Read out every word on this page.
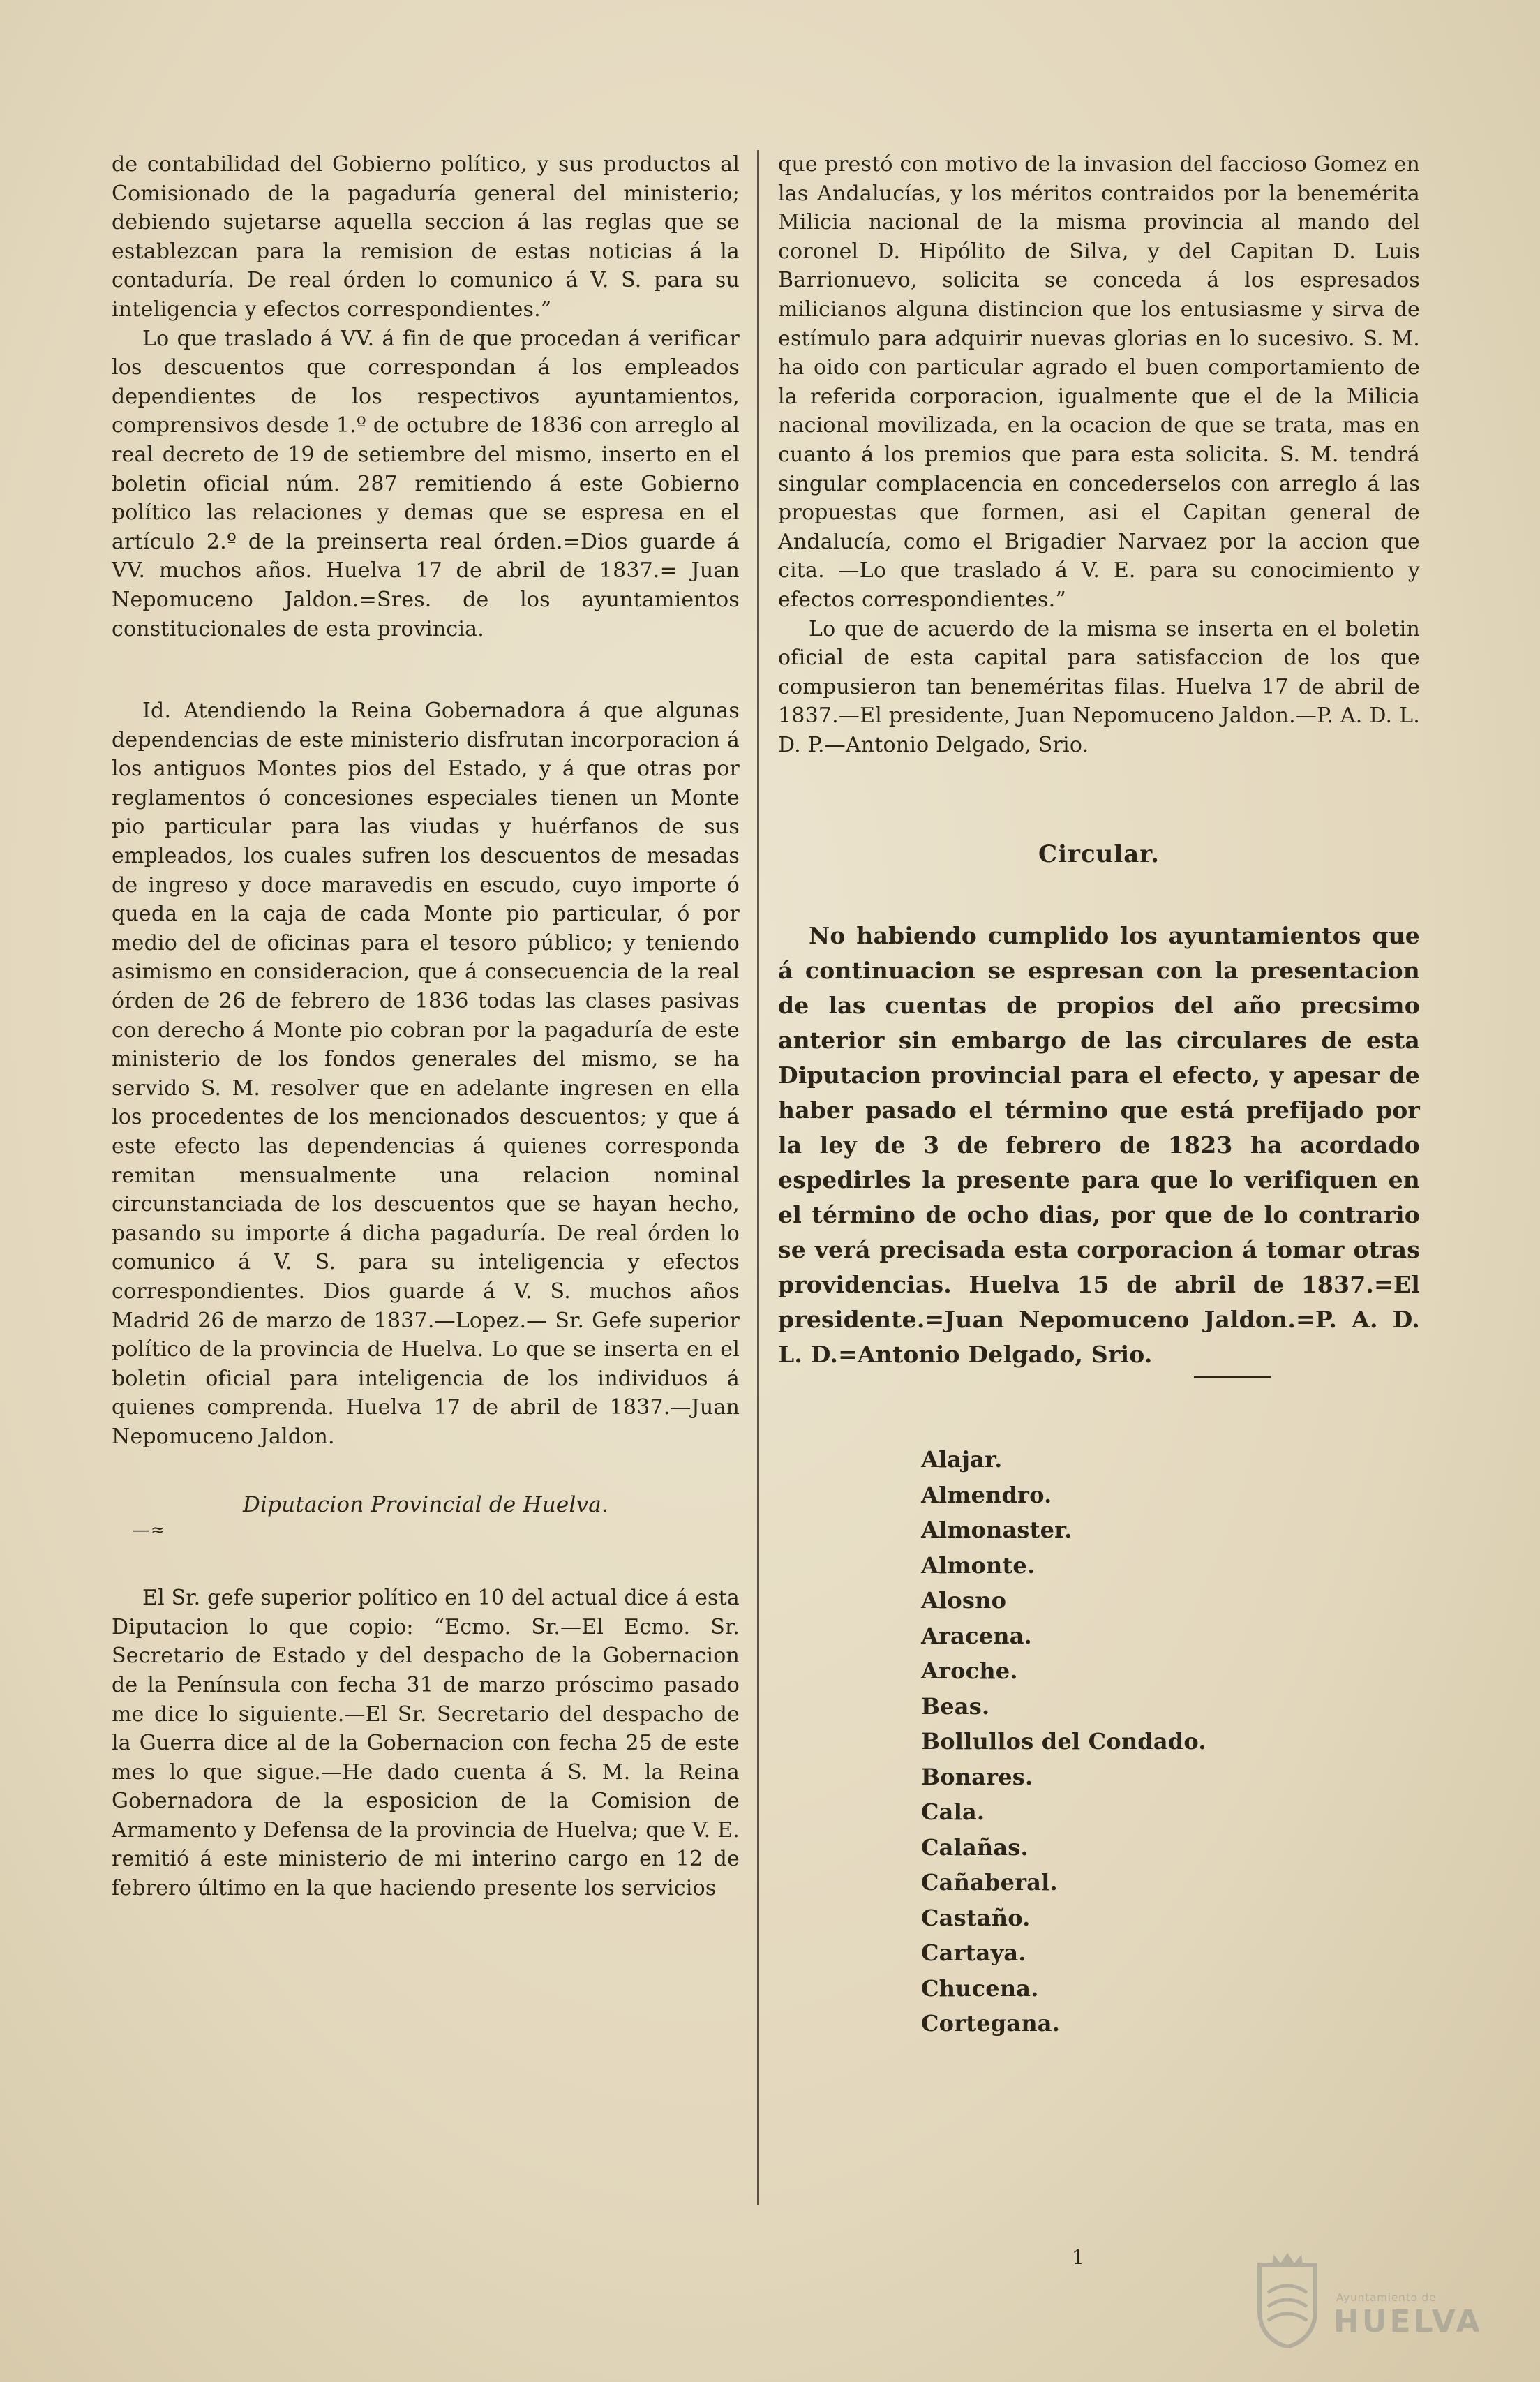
de contabilidad del Gobierno político, y sus productos al Comisionado de la pagaduría general del ministerio; debiendo sujetarse aquella seccion á las reglas que se establezcan para la remision de estas noticias á la contaduría. De real órden lo comunico á V. S. para su inteligencia y efectos correspondientes.”

Lo que traslado á VV. á fin de que procedan á verificar los descuentos que correspondan á los empleados dependientes de los respectivos ayuntamientos, comprensivos desde 1.º de octubre de 1836 con arreglo al real decreto de 19 de setiembre del mismo, inserto en el boletin oficial núm. 287 remitiendo á este Gobierno político las relaciones y demas que se espresa en el artículo 2.º de la preinserta real órden.=Dios guarde á VV. muchos años. Huelva 17 de abril de 1837.= Juan Nepomuceno Jaldon.=Sres. de los ayuntamientos constitucionales de esta provincia.

Id. Atendiendo la Reina Gobernadora á que algunas dependencias de este ministerio disfrutan incorporacion á los antiguos Montes pios del Estado, y á que otras por reglamentos ó concesiones especiales tienen un Monte pio particular para las viudas y huérfanos de sus empleados, los cuales sufren los descuentos de mesadas de ingreso y doce maravedis en escudo, cuyo importe ó queda en la caja de cada Monte pio particular, ó por medio del de oficinas para el tesoro público; y teniendo asimismo en consideracion, que á consecuencia de la real órden de 26 de febrero de 1836 todas las clases pasivas con derecho á Monte pio cobran por la pagaduría de este ministerio de los fondos generales del mismo, se ha servido S. M. resolver que en adelante ingresen en ella los procedentes de los mencionados descuentos; y que á este efecto las dependencias á quienes corresponda remitan mensualmente una relacion nominal circunstanciada de los descuentos que se hayan hecho, pasando su importe á dicha pagaduría. De real órden lo comunico á V. S. para su inteligencia y efectos correspondientes. Dios guarde á V. S. muchos años Madrid 26 de marzo de 1837.—Lopez.— Sr. Gefe superior político de la provincia de Huelva. Lo que se inserta en el boletin oficial para inteligencia de los individuos á quienes comprenda. Huelva 17 de abril de 1837.—Juan Nepomuceno Jaldon.

Diputacion Provincial de Huelva.

—≈

El Sr. gefe superior político en 10 del actual dice á esta Diputacion lo que copio: “Ecmo. Sr.—El Ecmo. Sr. Secretario de Estado y del despacho de la Gobernacion de la Península con fecha 31 de marzo próscimo pasado me dice lo siguiente.—El Sr. Secretario del despacho de la Guerra dice al de la Gobernacion con fecha 25 de este mes lo que sigue.—He dado cuenta á S. M. la Reina Gobernadora de la esposicion de la Comision de Armamento y Defensa de la provincia de Huelva; que V. E. remitió á este ministerio de mi interino cargo en 12 de febrero último en la que haciendo presente los servicios

que prestó con motivo de la invasion del faccioso Gomez en las Andalucías, y los méritos contraidos por la benemérita Milicia nacional de la misma provincia al mando del coronel D. Hipólito de Silva, y del Capitan D. Luis Barrionuevo, solicita se conceda á los espresados milicianos alguna distincion que los entusiasme y sirva de estímulo para adquirir nuevas glorias en lo sucesivo. S. M. ha oido con particular agrado el buen comportamiento de la referida corporacion, igualmente que el de la Milicia nacional movilizada, en la ocacion de que se trata, mas en cuanto á los premios que para esta solicita. S. M. tendrá singular complacencia en concederselos con arreglo á las propuestas que formen, asi el Capitan general de Andalucía, como el Brigadier Narvaez por la accion que cita. —Lo que traslado á V. E. para su conocimiento y efectos correspondientes.”

Lo que de acuerdo de la misma se inserta en el boletin oficial de esta capital para satisfaccion de los que compusieron tan beneméritas filas. Huelva 17 de abril de 1837.—El presidente, Juan Nepomuceno Jaldon.—P. A. D. L. D. P.—Antonio Delgado, Srio.

Circular.

No habiendo cumplido los ayuntamientos que á continuacion se espresan con la presentacion de las cuentas de propios del año precsimo anterior sin embargo de las circulares de esta Diputacion provincial para el efecto, y apesar de haber pasado el término que está prefijado por la ley de 3 de febrero de 1823 ha acordado espedirles la presente para que lo verifiquen en el término de ocho dias, por que de lo contrario se verá precisada esta corporacion á tomar otras providencias. Huelva 15 de abril de 1837.=El presidente.=Juan Nepomuceno Jaldon.=P. A. D. L. D.=Antonio Delgado, Srio.

Alajar.
Almendro.
Almonaster.
Almonte.
Alosno
Aracena.
Aroche.
Beas.
Bollullos del Condado.
Bonares.
Cala.
Calañas.
Cañaberal.
Castaño.
Cartaya.
Chucena.
Cortegana.
1
Ayuntamiento de
HUELVA
